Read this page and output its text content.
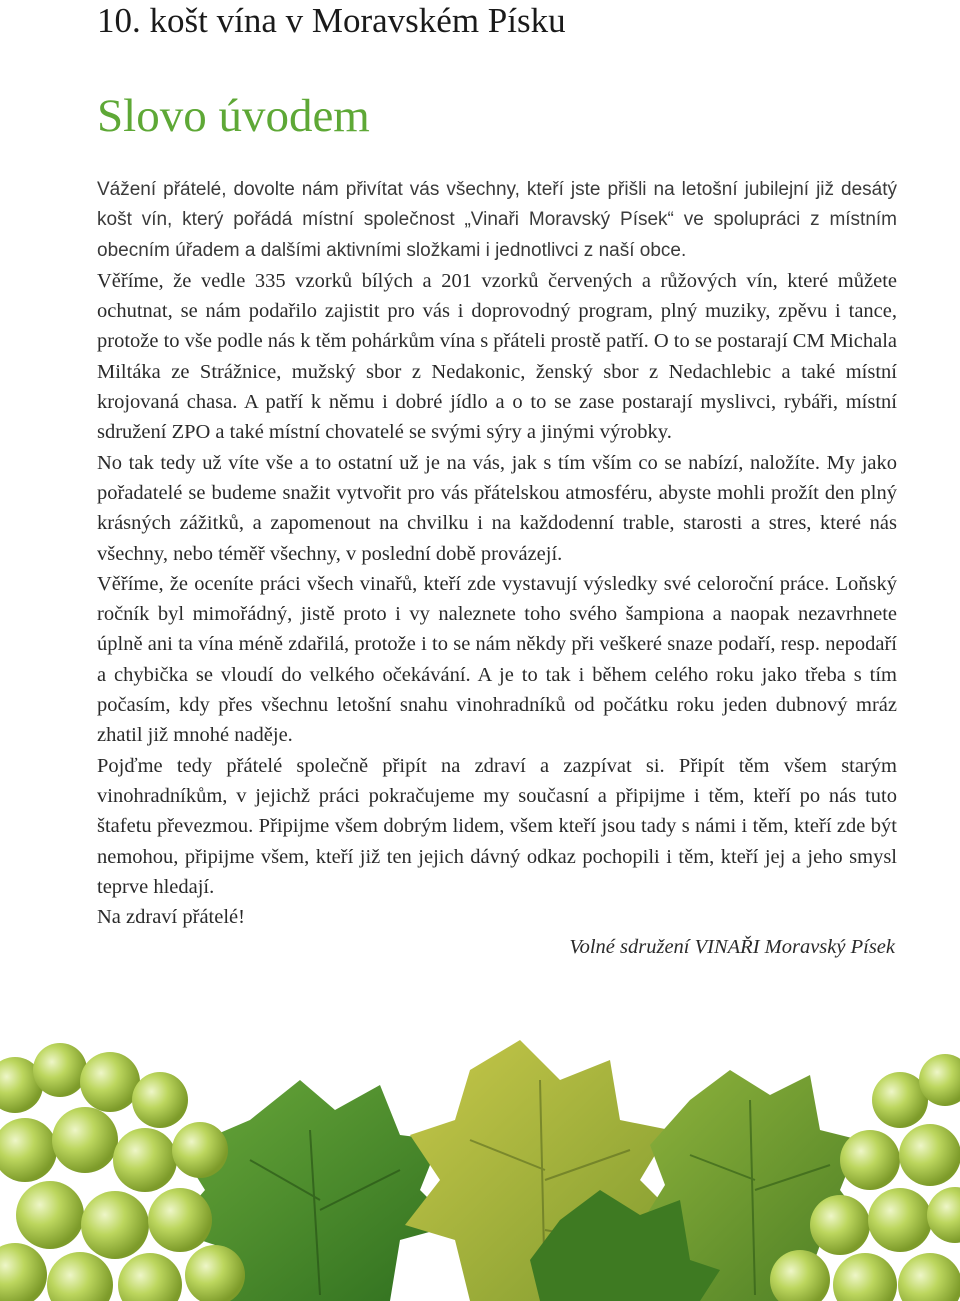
10. košt vína v Moravském Písku
Slovo úvodem

Vážení přátelé, dovolte nám přivítat vás všechny, kteří jste přišli na letošní jubilejní již desátý košt vín, který pořádá místní společnost „Vinaři Moravský Písek“ ve spolupráci z místním obecním úřadem a dalšími aktivními složkami i jednotlivci z naší obce.

Věříme, že vedle 335 vzorků bílých a 201 vzorků červených a růžových vín, které můžete ochutnat, se nám podařilo zajistit pro vás i doprovodný program, plný muziky, zpěvu i tance, protože to vše podle nás k těm pohárkům vína s přáteli prostě patří. O to se postarají CM Michala Miltáka ze Strážnice, mužský sbor z Nedakonic, ženský sbor z Nedachlebic a také místní krojovaná chasa. A patří k němu i dobré jídlo a o to se zase postarají myslivci, rybáři, místní sdružení ZPO a také místní chovatelé se svými sýry a jinými výrobky.

No tak tedy už víte vše a to ostatní už je na vás, jak s tím vším co se nabízí, naložíte. My jako pořadatelé se budeme snažit vytvořit pro vás přátelskou atmosféru, abyste mohli prožít den plný krásných zážitků, a zapomenout na chvilku i na každodenní trable, starosti a stres, které nás všechny, nebo téměř všechny, v poslední době provázejí.

Věříme, že oceníte práci všech vinařů, kteří zde vystavují výsledky své celoroční práce. Loňský ročník byl mimořádný, jistě proto i vy naleznete toho svého šampiona a naopak nezavrhnete úplně ani ta vína méně zdařilá, protože i to se nám někdy při veškeré snaze podaří, resp. nepodaří a chybička se vloudí do velkého očekávání. A je to tak i během celého roku jako třeba s tím počasím, kdy přes všechnu letošní snahu vinohradníků od počátku roku jeden dubnový mráz zhatil již mnohé naděje.

Pojďme tedy přátelé společně připít na zdraví a zazpívat si. Připít těm všem starým vinohradníkům, v jejichž práci pokračujeme my současní a připijme i těm, kteří po nás tuto štafetu převezmou. Připijme všem dobrým lidem, všem kteří jsou tady s námi i těm, kteří zde být nemohou, připijme všem, kteří již ten jejich dávný odkaz pochopili i těm, kteří jej a jeho smysl teprve hledají.

Na zdraví přátelé!

Volné sdružení VINAŘI Moravský Písek
